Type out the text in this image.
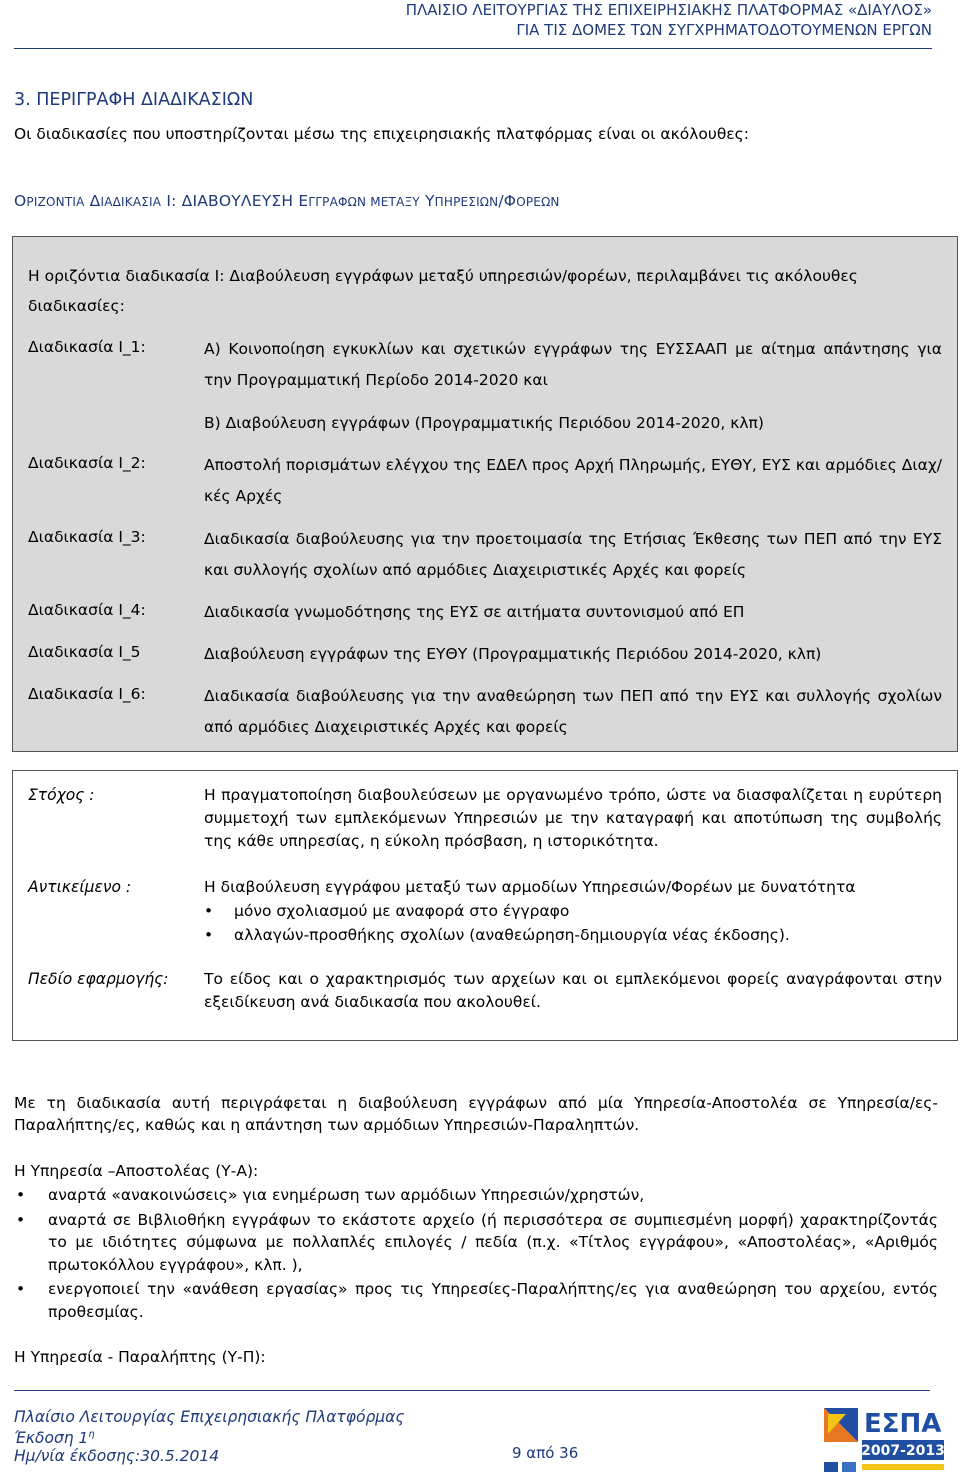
ΠΛΑΙΣΙΟ ΛΕΙΤΟΥΡΓΙΑΣ ΤΗΣ ΕΠΙΧΕΙΡΗΣΙΑΚΗΣ ΠΛΑΤΦΟΡΜΑΣ «ΔΙΑΥΛΟΣ»
ΓΙΑ ΤΙΣ ΔΟΜΕΣ ΤΩΝ ΣΥΓΧΡΗΜΑΤΟΔΟΤΟΥΜΕΝΩΝ ΕΡΓΩΝ
3. ΠΕΡΙΓΡΑΦΗ ΔΙΑΔΙΚΑΣΙΩΝ
Οι διαδικασίες που υποστηρίζονται μέσω της επιχειρησιακής πλατφόρμας είναι οι ακόλουθες:
ΟΡΙΖΟΝΤΙΑ ΔΙΑΔΙΚΑΣΙΑ Ι: ΔΙΑΒΟΥΛΕΥΣΗ ΕΓΓΡΑΦΩΝ ΜΕΤΑΞΥ ΥΠΗΡΕΣΙΩΝ/ΦΟΡΕΩΝ
Η οριζόντια διαδικασία Ι: Διαβούλευση εγγράφων μεταξύ υπηρεσιών/φορέων, περιλαμβάνει τις ακόλουθες
διαδικασίες:
Διαδικασία Ι_1:	Α) Κοινοποίηση εγκυκλίων και σχετικών εγγράφων της ΕΥΣΣΑΑΠ με αίτημα απάντησης για την Προγραμματική Περίοδο 2014-2020 και
Β) Διαβούλευση εγγράφων (Προγραμματικής Περιόδου 2014-2020, κλπ)
Διαδικασία Ι_2:	Αποστολή πορισμάτων ελέγχου της ΕΔΕΛ προς Αρχή Πληρωμής, ΕΥΘΥ, ΕΥΣ και αρμόδιες Διαχ/κές Αρχές
Διαδικασία Ι_3:	Διαδικασία διαβούλευσης για την προετοιμασία της Ετήσιας Έκθεσης των ΠΕΠ από την ΕΥΣ και συλλογής σχολίων από αρμόδιες Διαχειριστικές Αρχές και φορείς
Διαδικασία Ι_4:	Διαδικασία γνωμοδότησης της ΕΥΣ σε αιτήματα συντονισμού από ΕΠ
Διαδικασία Ι_5	Διαβούλευση εγγράφων της ΕΥΘΥ (Προγραμματικής Περιόδου 2014-2020, κλπ)
Διαδικασία Ι_6:	Διαδικασία διαβούλευσης για την αναθεώρηση των ΠΕΠ από την ΕΥΣ και συλλογής σχολίων από αρμόδιες Διαχειριστικές Αρχές και φορείς
Στόχος :	Η πραγματοποίηση διαβουλεύσεων με οργανωμένο τρόπο, ώστε να διασφαλίζεται η ευρύτερη συμμετοχή των εμπλεκόμενων Υπηρεσιών με την καταγραφή και αποτύπωση της συμβολής της κάθε υπηρεσίας, η εύκολη πρόσβαση, η ιστορικότητα.
Αντικείμενο :	Η διαβούλευση εγγράφου μεταξύ των αρμοδίων Υπηρεσιών/Φορέων με δυνατότητα
• μόνο σχολιασμού με αναφορά στο έγγραφο
• αλλαγών-προσθήκης σχολίων (αναθεώρηση-δημιουργία νέας έκδοσης).
Πεδίο εφαρμογής: Το είδος και ο χαρακτηρισμός των αρχείων και οι εμπλεκόμενοι φορείς αναγράφονται στην εξειδίκευση ανά διαδικασία που ακολουθεί.
Με τη διαδικασία αυτή περιγράφεται η διαβούλευση εγγράφων από μία Υπηρεσία-Αποστολέα σε Υπηρεσία/ες-Παραλήπτης/ες, καθώς και η απάντηση των αρμόδιων Υπηρεσιών-Παραληπτών.
Η Υπηρεσία –Αποστολέας (Υ-Α):
• αναρτά «ανακοινώσεις» για ενημέρωση των αρμόδιων Υπηρεσιών/χρηστών,
• αναρτά σε Βιβλιοθήκη εγγράφων το εκάστοτε αρχείο (ή περισσότερα σε συμπιεσμένη μορφή) χαρακτηρίζοντάς το με ιδιότητες σύμφωνα με πολλαπλές επιλογές / πεδία (π.χ. «Τίτλος εγγράφου», «Αποστολέας», «Αριθμός πρωτοκόλλου εγγράφου», κλπ. ),
• ενεργοποιεί την «ανάθεση εργασίας» προς τις Υπηρεσίες-Παραλήπτης/ες για αναθεώρηση του αρχείου, εντός προθεσμίας.
Η Υπηρεσία - Παραλήπτης (Υ-Π):
Πλαίσιο Λειτουργίας Επιχειρησιακής Πλατφόρμας
Έκδοση $1^\eta$
Ημ/νία έκδοσης:30.5.2014	9 από 36
ΕΣΠΑ
2007-2013
